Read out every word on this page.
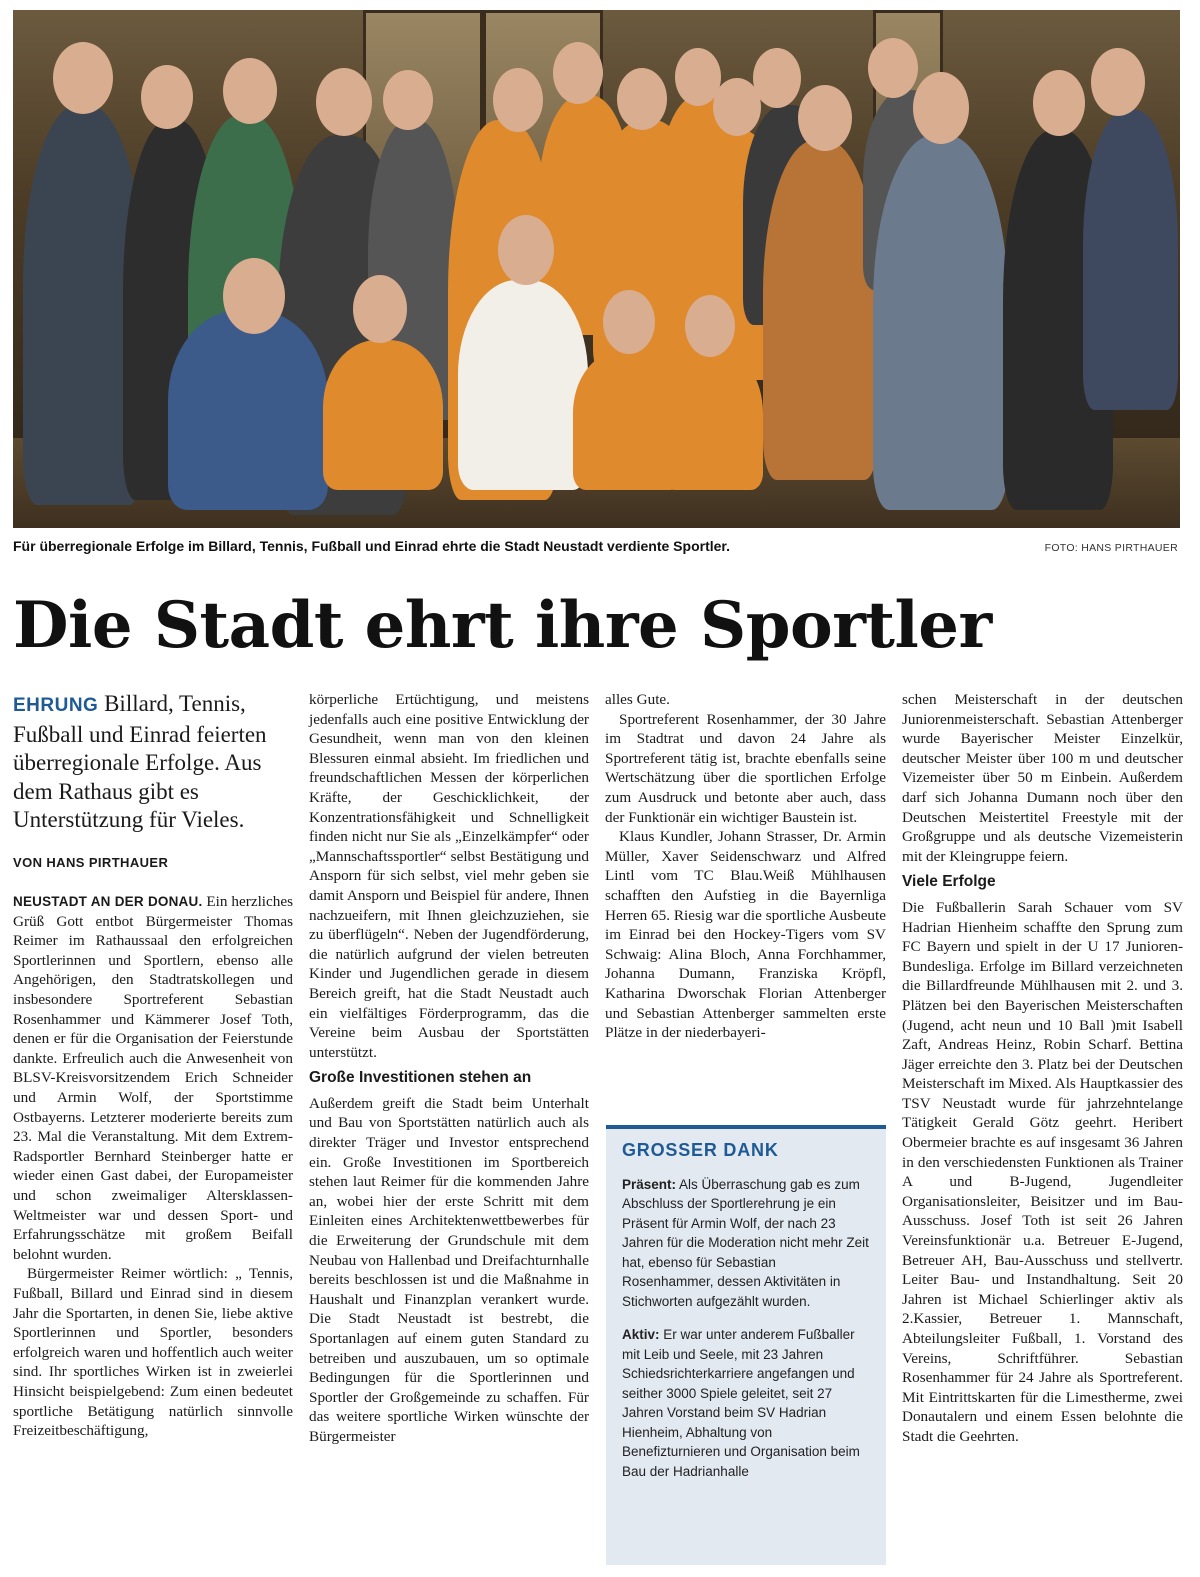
Für überregionale Erfolge im Billard, Tennis, Fußball und Einrad ehrte die Stadt Neustadt verdiente Sportler.	FOTO: HANS PIRTHAUER
Die Stadt ehrt ihre Sportler
EHRUNG Billard, Tennis, Fußball und Einrad feierten überregionale Erfolge. Aus dem Rathaus gibt es Unterstützung für Vieles.
VON HANS PIRTHAUER
NEUSTADT AN DER DONAU. Ein herzliches Grüß Gott entbot Bürgermeister Thomas Reimer im Rathaussaal den erfolgreichen Sportlerinnen und Sportlern, ebenso alle Angehörigen, den Stadtratskollegen und insbesondere Sportreferent Sebastian Rosenhammer und Kämmerer Josef Toth, denen er für die Organisation der Feierstunde dankte. Erfreulich auch die Anwesenheit von BLSV-Kreisvorsitzendem Erich Schneider und Armin Wolf, der Sportstimme Ostbayerns. Letzterer moderierte bereits zum 23. Mal die Veranstaltung. Mit dem Extrem-Radsportler Bernhard Steinberger hatte er wieder einen Gast dabei, der Europameister und schon zweimaliger Altersklassen-Weltmeister war und dessen Sport- und Erfahrungsschätze mit großem Beifall belohnt wurden.
Bürgermeister Reimer wörtlich: „ Tennis, Fußball, Billard und Einrad sind in diesem Jahr die Sportarten, in denen Sie, liebe aktive Sportlerinnen und Sportler, besonders erfolgreich waren und hoffentlich auch weiter sind. Ihr sportliches Wirken ist in zweierlei Hinsicht beispielgebend: Zum einen bedeutet sportliche Betätigung natürlich sinnvolle Freizeitbeschäftigung,
körperliche Ertüchtigung, und meistens jedenfalls auch eine positive Entwicklung der Gesundheit, wenn man von den kleinen Blessuren einmal absieht. Im friedlichen und freundschaftlichen Messen der körperlichen Kräfte, der Geschicklichkeit, der Konzentrationsfähigkeit und Schnelligkeit finden nicht nur Sie als „Einzelkämpfer“ oder „Mannschaftssportler“ selbst Bestätigung und Ansporn für sich selbst, viel mehr geben sie damit Ansporn und Beispiel für andere, Ihnen nachzueifern, mit Ihnen gleichzuziehen, sie zu überflügeln“. Neben der Jugendförderung, die natürlich aufgrund der vielen betreuten Kinder und Jugendlichen gerade in diesem Bereich greift, hat die Stadt Neustadt auch ein vielfältiges Förderprogramm, das die Vereine beim Ausbau der Sportstätten unterstützt.
Große Investitionen stehen an
Außerdem greift die Stadt beim Unterhalt und Bau von Sportstätten natürlich auch als direkter Träger und Investor entsprechend ein. Große Investitionen im Sportbereich stehen laut Reimer für die kommenden Jahre an, wobei hier der erste Schritt mit dem Einleiten eines Architektenwettbewerbes für die Erweiterung der Grundschule mit dem Neubau von Hallenbad und Dreifachturnhalle bereits beschlossen ist und die Maßnahme in Haushalt und Finanzplan verankert wurde. Die Stadt Neustadt ist bestrebt, die Sportanlagen auf einem guten Standard zu betreiben und auszubauen, um so optimale Bedingungen für die Sportlerinnen und Sportler der Großgemeinde zu schaffen. Für das weitere sportliche Wirken wünschte der Bürgermeister
alles Gute.
Sportreferent Rosenhammer, der 30 Jahre im Stadtrat und davon 24 Jahre als Sportreferent tätig ist, brachte ebenfalls seine Wertschätzung über die sportlichen Erfolge zum Ausdruck und betonte aber auch, dass der Funktionär ein wichtiger Baustein ist.
Klaus Kundler, Johann Strasser, Dr. Armin Müller, Xaver Seidenschwarz und Alfred Lintl vom TC Blau.Weiß Mühlhausen schafften den Aufstieg in die Bayernliga Herren 65. Riesig war die sportliche Ausbeute im Einrad bei den Hockey-Tigers vom SV Schwaig: Alina Bloch, Anna Forchhammer, Johanna Dumann, Franziska Kröpfl, Katharina Dworschak Florian Attenberger und Sebastian Attenberger sammelten erste Plätze in der niederbayeri-
GROSSER DANK
Präsent: Als Überraschung gab es zum Abschluss der Sportlerehrung je ein Präsent für Armin Wolf, der nach 23 Jahren für die Moderation nicht mehr Zeit hat, ebenso für Sebastian Rosenhammer, dessen Aktivitäten in Stichworten aufgezählt wurden.
Aktiv: Er war unter anderem Fußballer mit Leib und Seele, mit 23 Jahren Schiedsrichterkarriere angefangen und seither 3000 Spiele geleitet, seit 27 Jahren Vorstand beim SV Hadrian Hienheim, Abhaltung von Benefizturnieren und Organisation beim Bau der Hadrianhalle
schen Meisterschaft in der deutschen Juniorenmeisterschaft. Sebastian Attenberger wurde Bayerischer Meister Einzelkür, deutscher Meister über 100 m und deutscher Vizemeister über 50 m Einbein. Außerdem darf sich Johanna Dumann noch über den Deutschen Meistertitel Freestyle mit der Großgruppe und als deutsche Vizemeisterin mit der Kleingruppe feiern.
Viele Erfolge
Die Fußballerin Sarah Schauer vom SV Hadrian Hienheim schaffte den Sprung zum FC Bayern und spielt in der U 17 Junioren-Bundesliga. Erfolge im Billard verzeichneten die Billardfreunde Mühlhausen mit 2. und 3. Plätzen bei den Bayerischen Meisterschaften (Jugend, acht neun und 10 Ball )mit Isabell Zaft, Andreas Heinz, Robin Scharf. Bettina Jäger erreichte den 3. Platz bei der Deutschen Meisterschaft im Mixed. Als Hauptkassier des TSV Neustadt wurde für jahrzehntelange Tätigkeit Gerald Götz geehrt. Heribert Obermeier brachte es auf insgesamt 36 Jahren in den verschiedensten Funktionen als Trainer A und B-Jugend, Jugendleiter Organisationsleiter, Beisitzer und im Bau-Ausschuss. Josef Toth ist seit 26 Jahren Vereinsfunktionär u.a. Betreuer E-Jugend, Betreuer AH, Bau-Ausschuss und stellvertr. Leiter Bau- und Instandhaltung. Seit 20 Jahren ist Michael Schierlinger aktiv als 2.Kassier, Betreuer 1. Mannschaft, Abteilungsleiter Fußball, 1. Vorstand des Vereins, Schriftführer. Sebastian Rosenhammer für 24 Jahre als Sportreferent. Mit Eintrittskarten für die Limestherme, zwei Donautalern und einem Essen belohnte die Stadt die Geehrten.
